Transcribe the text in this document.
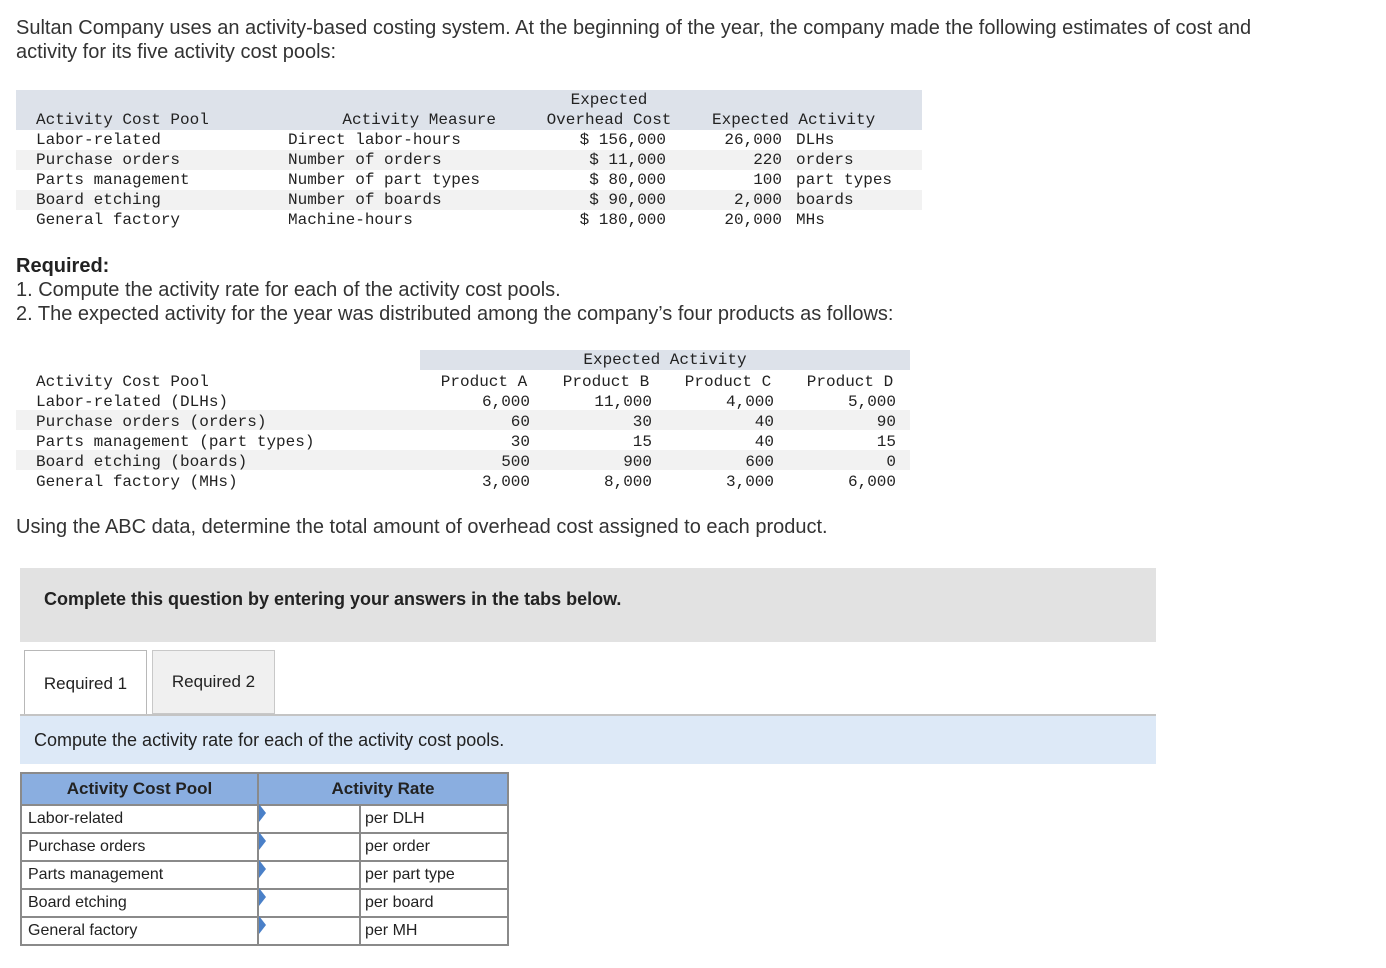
Sultan Company uses an activity-based costing system. At the beginning of the year, the company made the following estimates of cost and activity for its five activity cost pools:
Activity Cost Pool	Activity Measure
Expected
Overhead Cost	Expected Activity
Labor-related	Direct labor-hours	$ 156,000	26,000 DLHs
Purchase orders	Number of orders	$ 11,000	220 orders
Parts management	Number of part types	$ 80,000	100 part types
Board etching	Number of boards	$ 90,000	2,000 boards
General factory	Machine-hours	$ 180,000	20,000 MHs
Required:
1. Compute the activity rate for each of the activity cost pools.
2. The expected activity for the year was distributed among the company’s four products as follows:
Expected Activity
Activity Cost Pool	Product A	Product B	Product C	Product D
Labor-related (DLHs)	6,000	11,000	4,000	5,000
Purchase orders (orders)	60	30	40	90
Parts management (part types)	30	15	40	15
Board etching (boards)	500	900	600	0
General factory (MHs)	3,000	8,000	3,000	6,000
Using the ABC data, determine the total amount of overhead cost assigned to each product.
Complete this question by entering your answers in the tabs below.
Required 1	Required 2
Compute the activity rate for each of the activity cost pools.
Activity Cost Pool	Activity Rate	
Labor-related		per DLH
Purchase orders		per order
Parts management		per part type
Board etching		per board
General factory		per MH
